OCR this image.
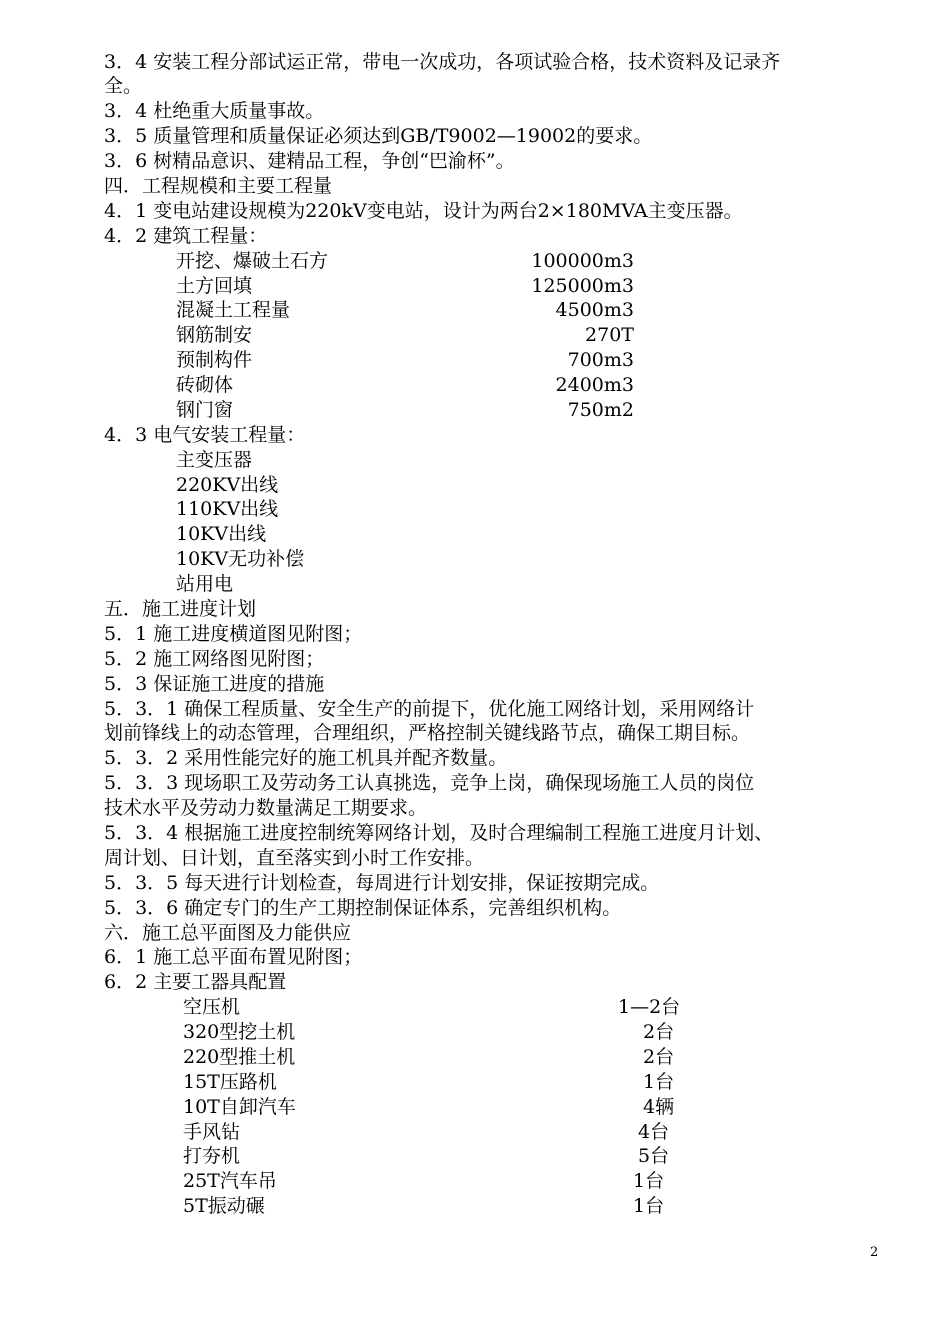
3．4 安装工程分部试运正常，带电一次成功，各项试验合格，技术资料及记录齐
全。
3．4 杜绝重大质量事故。
3．5 质量管理和质量保证必须达到GB/T9002—19002的要求。
3．6 树精品意识、建精品工程，争创“巴渝杯”。
四．工程规模和主要工程量
4．1 变电站建设规模为220kV变电站，设计为两台2×180MVA主变压器。
4．2 建筑工程量：
开挖、爆破土石方	100000m3
土方回填	125000m3
混凝土工程量	4500m3
钢筋制安	270T
预制构件	700m3
砖砌体	2400m3
钢门窗	750m2
4．3 电气安装工程量：
主变压器
220KV出线
110KV出线
10KV出线
10KV无功补偿
站用电
五．施工进度计划
5．1 施工进度横道图见附图；
5．2 施工网络图见附图；
5．3 保证施工进度的措施
5．3．1 确保工程质量、安全生产的前提下，优化施工网络计划，采用网络计
划前锋线上的动态管理，合理组织，严格控制关键线路节点，确保工期目标。
5．3．2 采用性能完好的施工机具并配齐数量。
5．3．3 现场职工及劳动务工认真挑选，竞争上岗，确保现场施工人员的岗位
技术水平及劳动力数量满足工期要求。
5．3．4 根据施工进度控制统筹网络计划，及时合理编制工程施工进度月计划、
周计划、日计划，直至落实到小时工作安排。
5．3．5 每天进行计划检查，每周进行计划安排，保证按期完成。
5．3．6 确定专门的生产工期控制保证体系，完善组织机构。
六．施工总平面图及力能供应
6．1 施工总平面布置见附图；
6．2 主要工器具配置
空压机	1—2台
320型挖土机	2台
220型推土机	2台
15T压路机	1台
10T自卸汽车	4辆
手风钻	4台
打夯机	5台
25T汽车吊	1台
5T振动碾	1台
2
